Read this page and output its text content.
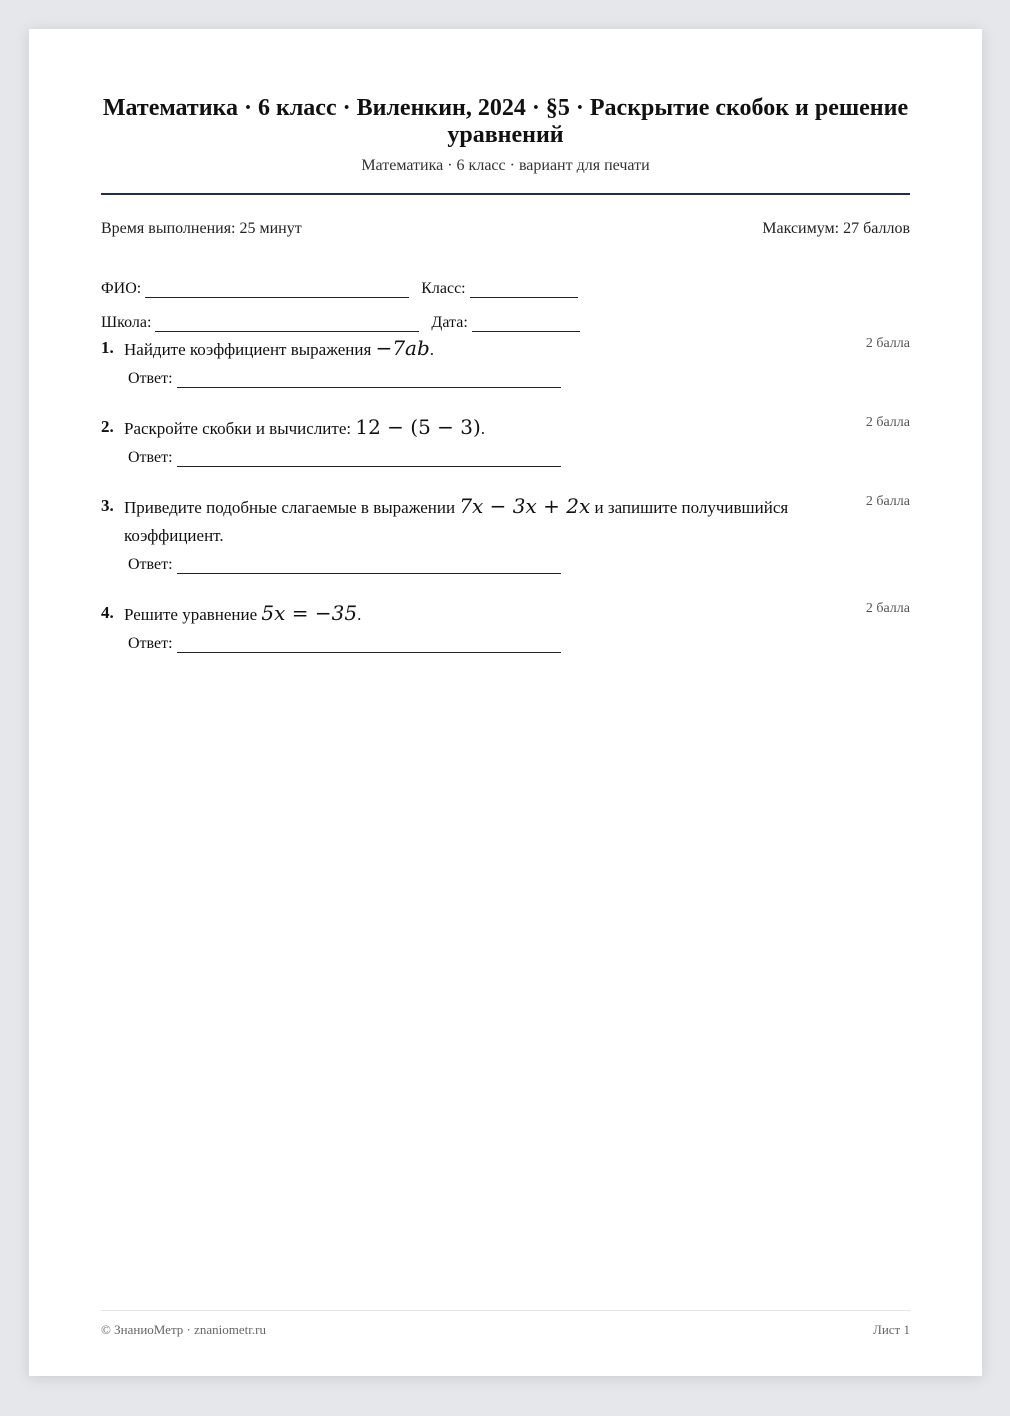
Математика · 6 класс · Виленкин, 2024 · §5 · Раскрытие скобок и решение уравнений
Математика · 6 класс · вариант для печати
Время выполнения: 25 минут	Максимум: 27 баллов
ФИО:	Класс:
Школа:	Дата:
1. Найдите коэффициент выражения −7ab.	2 балла
Ответ:
2. Раскройте скобки и вычислите: 12 − (5 − 3).	2 балла
Ответ:
3. Приведите подобные слагаемые в выражении 7x − 3x + 2x и запишите получившийся коэффициент.
2 балла
Ответ:
4. Решите уравнение 5x = −35.	2 балла
Ответ:
© ЗнаниоМетр · znaniometr.ru	Лист 1
